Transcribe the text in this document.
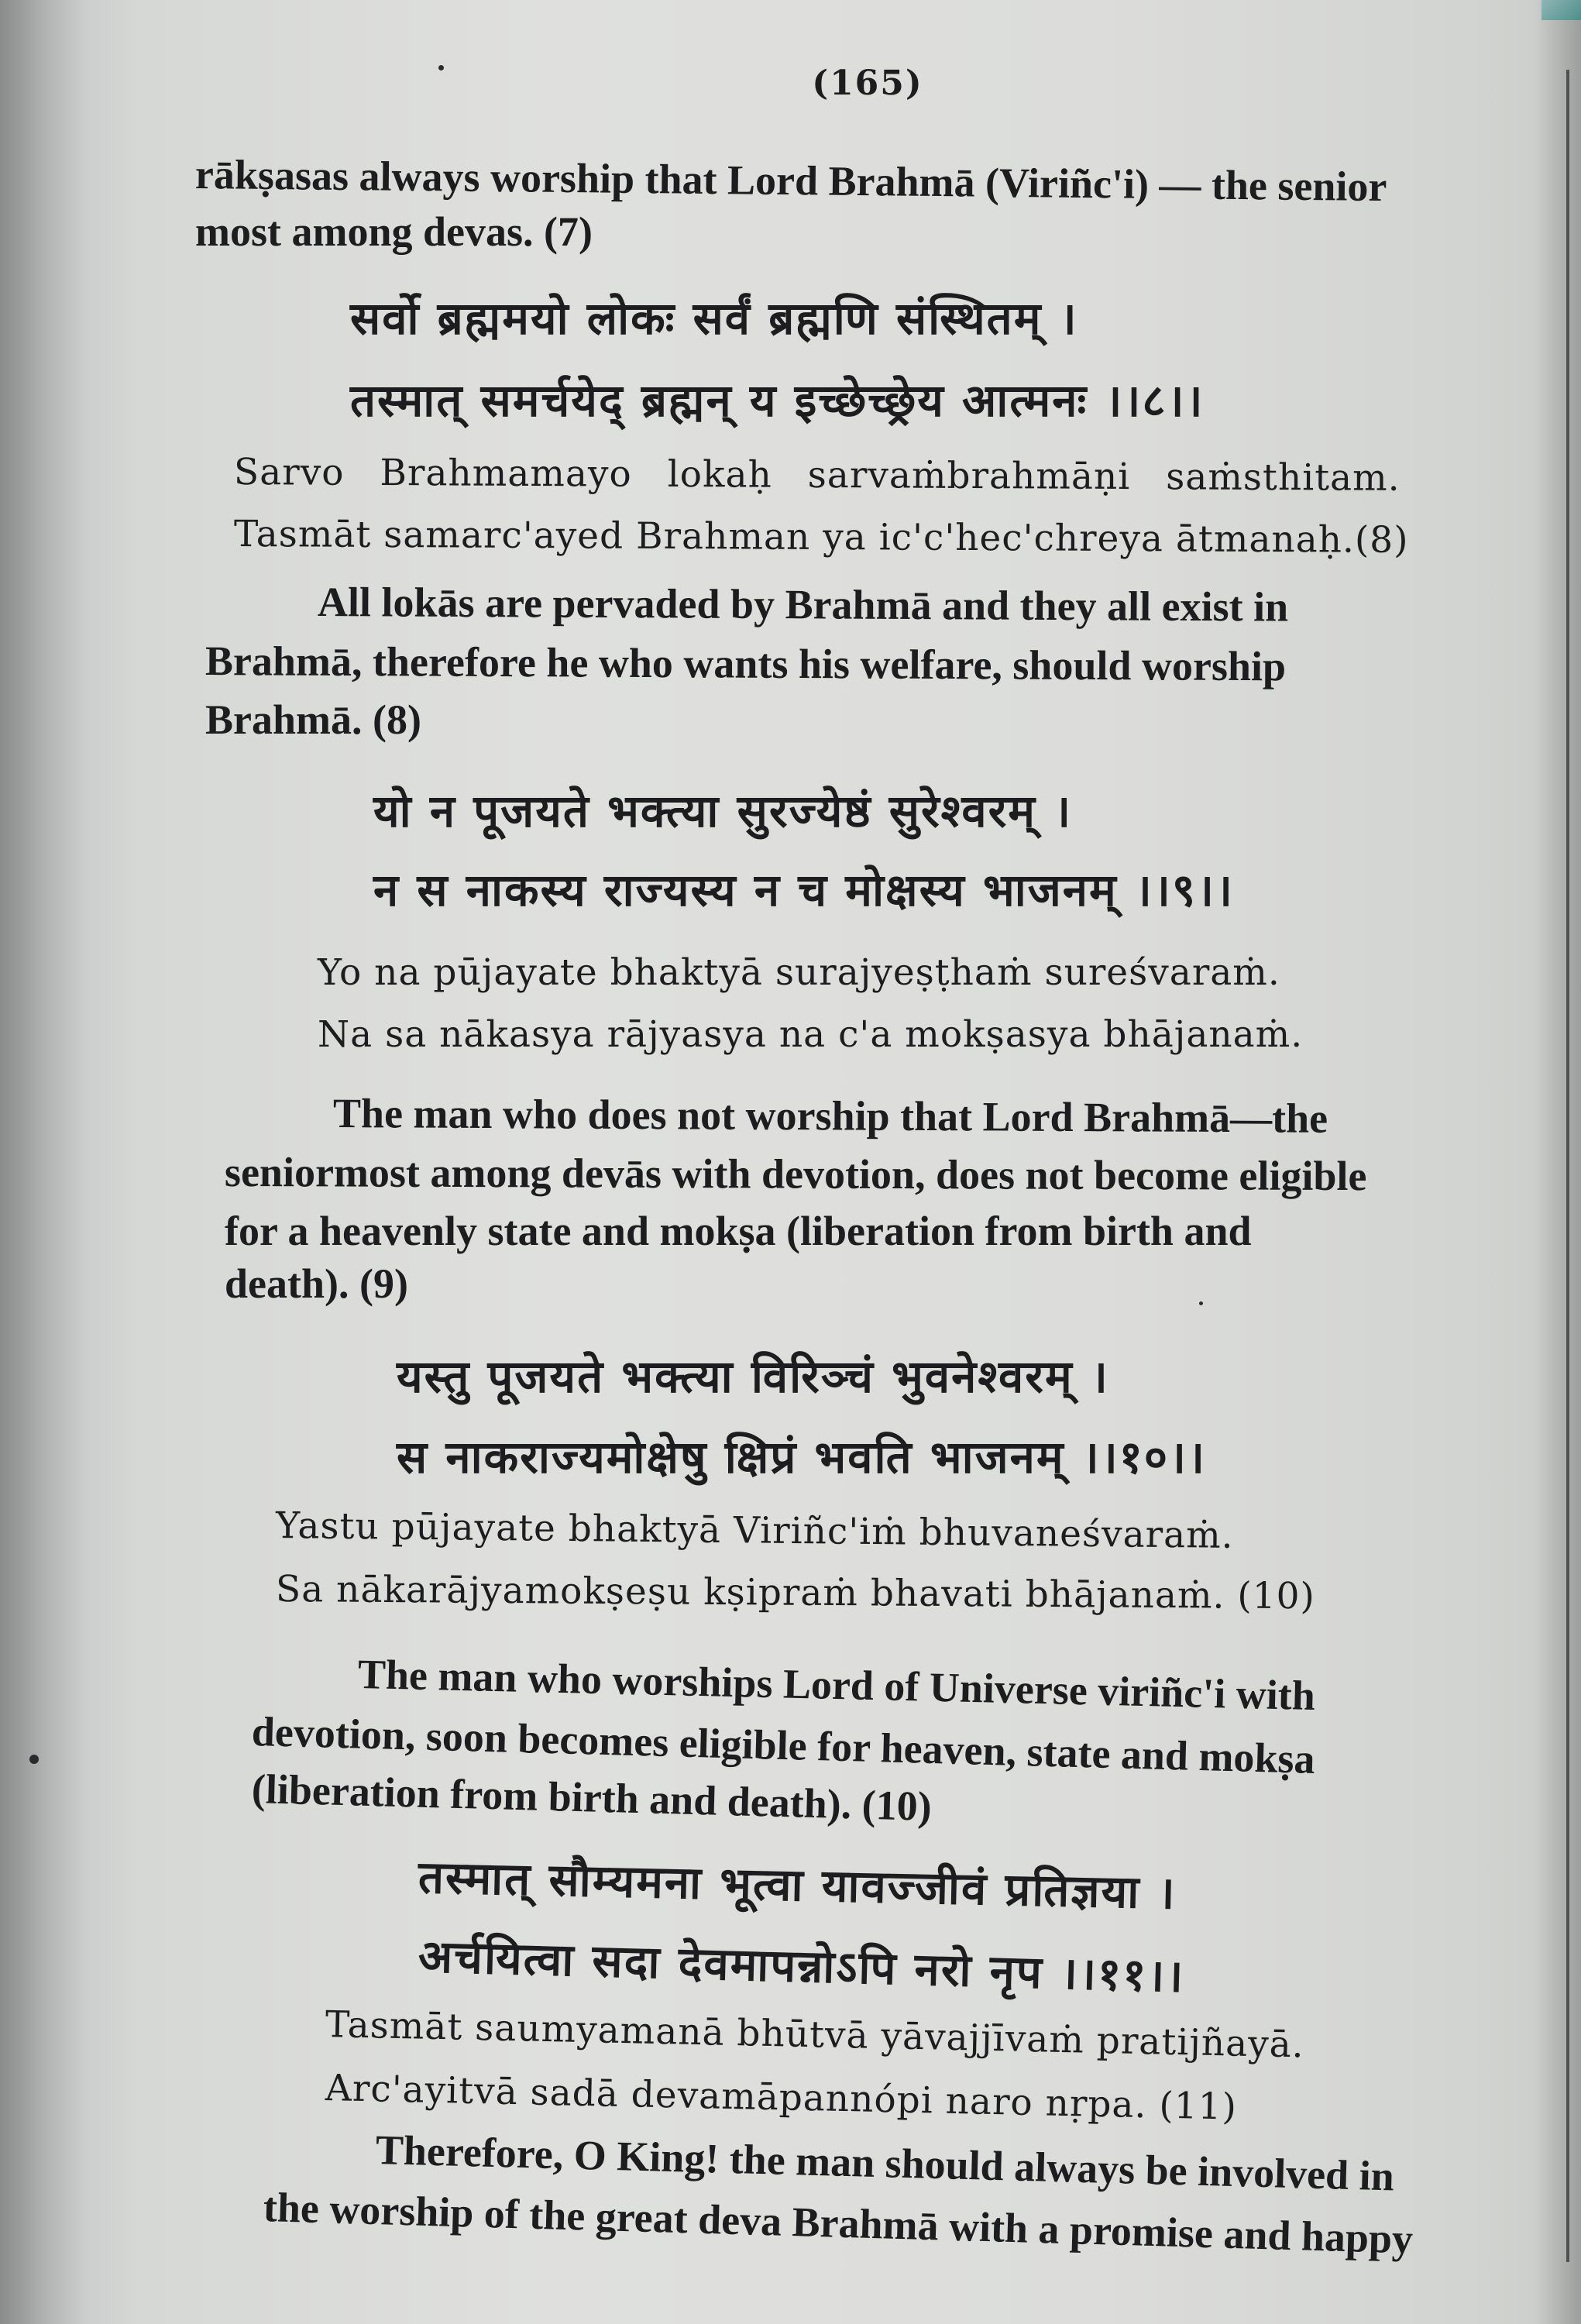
(165)
rākṣasas always worship that Lord Brahmā (Viriñc'i) — the senior
most among devas. (7)
सर्वो ब्रह्ममयो लोकः सर्वं ब्रह्मणि संस्थितम् ।
तस्मात् समर्चयेद् ब्रह्मन् य इच्छेच्छ्रेय आत्मनः ।।८।।
Sarvo Brahmamayo lokaḥ sarvaṁbrahmāṇi saṁsthitam.
Tasmāt samarc'ayed Brahman ya ic'c'hec'chreya ātmanaḥ.(8)
All lokās are pervaded by Brahmā and they all exist in
Brahmā, therefore he who wants his welfare, should worship
Brahmā. (8)
यो न पूजयते भक्त्या सुरज्येष्ठं सुरेश्वरम् ।
न स नाकस्य राज्यस्य न च मोक्षस्य भाजनम् ।।९।।
Yo na pūjayate bhaktyā surajyeṣṭhaṁ sureśvaraṁ.
Na sa nākasya rājyasya na c'a mokṣasya bhājanaṁ.
The man who does not worship that Lord Brahmā—the
seniormost among devās with devotion, does not become eligible
for a heavenly state and mokṣa (liberation from birth and
death). (9)
यस्तु पूजयते भक्त्या विरिञ्चं भुवनेश्वरम् ।
स नाकराज्यमोक्षेषु क्षिप्रं भवति भाजनम् ।।१०।।
Yastu pūjayate bhaktyā Viriñc'iṁ bhuvaneśvaraṁ.
Sa nākarājyamokṣeṣu kṣipraṁ bhavati bhājanaṁ. (10)
The man who worships Lord of Universe viriñc'i with
devotion, soon becomes eligible for heaven, state and mokṣa
(liberation from birth and death). (10)
तस्मात् सौम्यमना भूत्वा यावज्जीवं प्रतिज्ञया ।
अर्चयित्वा सदा देवमापन्नोऽपि नरो नृप ।।११।।
Tasmāt saumyamanā bhūtvā yāvajjīvaṁ pratijñayā.
Arc'ayitvā sadā devamāpannópi naro nṛpa. (11)
Therefore, O King! the man should always be involved in
the worship of the great deva Brahmā with a promise and happy
